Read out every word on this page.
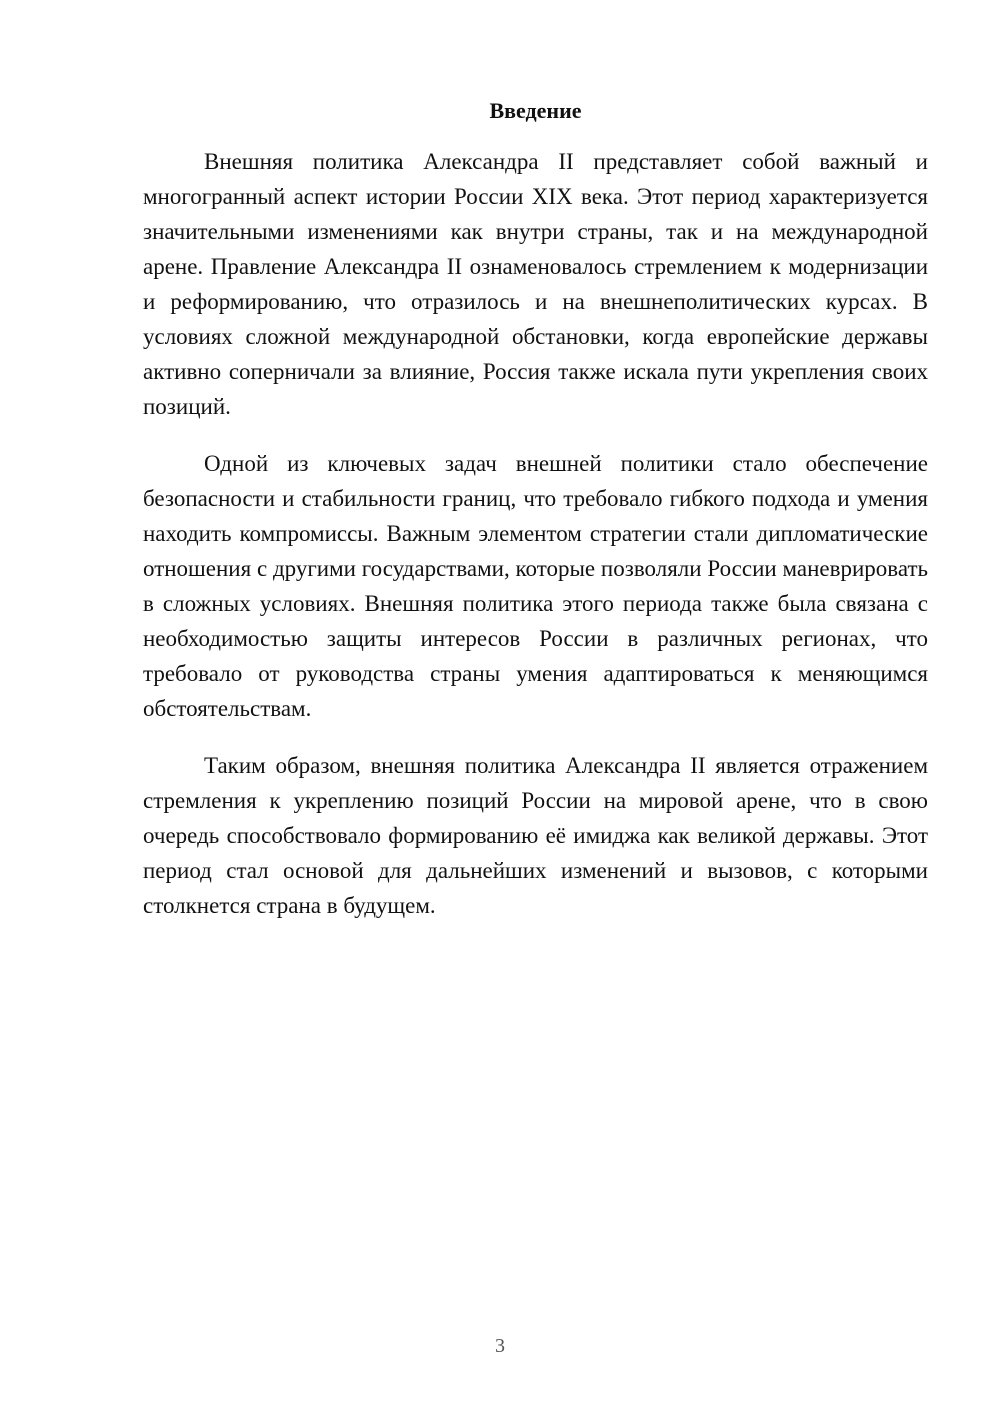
Введение

Внешняя политика Александра II представляет собой важный и многогранный аспект истории России XIX века. Этот период характеризуется значительными изменениями как внутри страны, так и на международной арене. Правление Александра II ознаменовалось стремлением к модернизации и реформированию, что отразилось и на внешнеполитических курсах. В условиях сложной международной обстановки, когда европейские державы активно соперничали за влияние, Россия также искала пути укрепления своих позиций.

Одной из ключевых задач внешней политики стало обеспечение безопасности и стабильности границ, что требовало гибкого подхода и умения находить компромиссы. Важным элементом стратегии стали дипломатические отношения с другими государствами, которые позволяли России маневрировать в сложных условиях. Внешняя политика этого периода также была связана с необходимостью защиты интересов России в различных регионах, что требовало от руководства страны умения адаптироваться к меняющимся обстоятельствам.

Таким образом, внешняя политика Александра II является отражением стремления к укреплению позиций России на мировой арене, что в свою очередь способствовало формированию её имиджа как великой державы. Этот период стал основой для дальнейших изменений и вызовов, с которыми столкнется страна в будущем.

3
